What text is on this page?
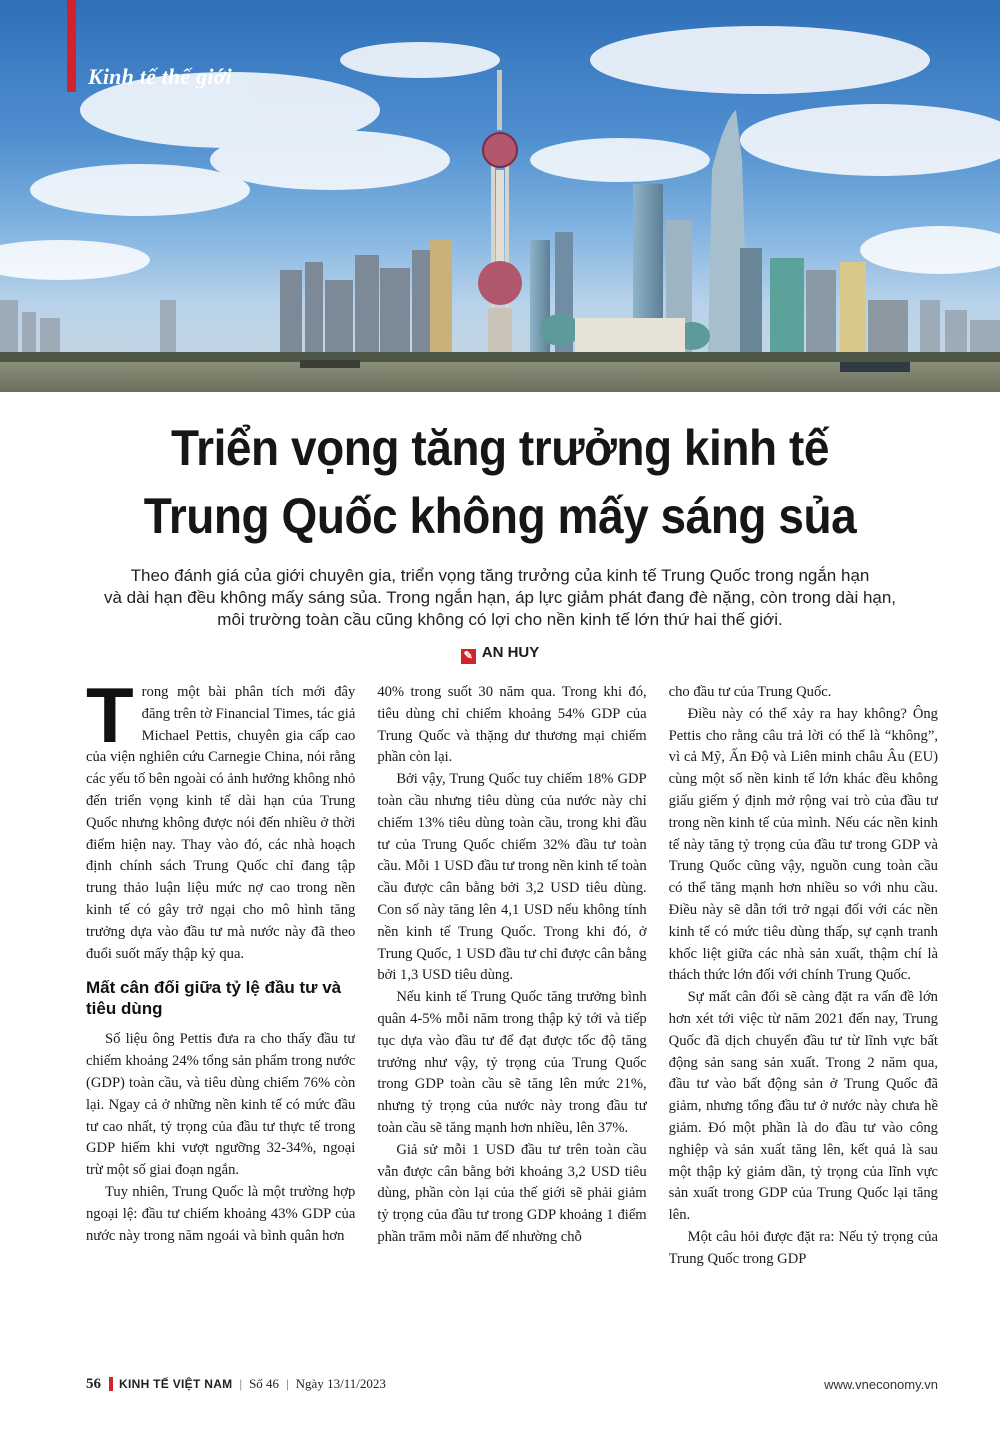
Kinh tế thế giới
Triển vọng tăng trưởng kinh tế
Trung Quốc không mấy sáng sủa
Theo đánh giá của giới chuyên gia, triển vọng tăng trưởng của kinh tế Trung Quốc trong ngắn hạn
và dài hạn đều không mấy sáng sủa. Trong ngắn hạn, áp lực giảm phát đang đè nặng, còn trong dài hạn,
môi trường toàn cầu cũng không có lợi cho nền kinh tế lớn thứ hai thế giới.
✎ AN HUY

Trong một bài phân tích mới đây đăng trên tờ Financial Times, tác giả Michael Pettis, chuyên gia cấp cao của viện nghiên cứu Carnegie China, nói rằng các yếu tố bên ngoài có ảnh hưởng không nhỏ đến triển vọng kinh tế dài hạn của Trung Quốc nhưng không được nói đến nhiều ở thời điểm hiện nay. Thay vào đó, các nhà hoạch định chính sách Trung Quốc chỉ đang tập trung thảo luận liệu mức nợ cao trong nền kinh tế có gây trở ngại cho mô hình tăng trưởng dựa vào đầu tư mà nước này đã theo đuổi suốt mấy thập kỷ qua.

Mất cân đối giữa tỷ lệ đầu tư và tiêu dùng

Số liệu ông Pettis đưa ra cho thấy đầu tư chiếm khoảng 24% tổng sản phẩm trong nước (GDP) toàn cầu, và tiêu dùng chiếm 76% còn lại. Ngay cả ở những nền kinh tế có mức đầu tư cao nhất, tỷ trọng của đầu tư thực tế trong GDP hiếm khi vượt ngưỡng 32-34%, ngoại trừ một số giai đoạn ngắn.

Tuy nhiên, Trung Quốc là một trường hợp ngoại lệ: đầu tư chiếm khoảng 43% GDP của nước này trong năm ngoái và bình quân hơn

40% trong suốt 30 năm qua. Trong khi đó, tiêu dùng chỉ chiếm khoảng 54% GDP của Trung Quốc và thặng dư thương mại chiếm phần còn lại.

Bởi vậy, Trung Quốc tuy chiếm 18% GDP toàn cầu nhưng tiêu dùng của nước này chỉ chiếm 13% tiêu dùng toàn cầu, trong khi đầu tư của Trung Quốc chiếm 32% đầu tư toàn cầu. Mỗi 1 USD đầu tư trong nền kinh tế toàn cầu được cân bằng bởi 3,2 USD tiêu dùng. Con số này tăng lên 4,1 USD nếu không tính nền kinh tế Trung Quốc. Trong khi đó, ở Trung Quốc, 1 USD đầu tư chỉ được cân bằng bởi 1,3 USD tiêu dùng.

Nếu kinh tế Trung Quốc tăng trưởng bình quân 4-5% mỗi năm trong thập kỷ tới và tiếp tục dựa vào đầu tư để đạt được tốc độ tăng trưởng như vậy, tỷ trọng của Trung Quốc trong GDP toàn cầu sẽ tăng lên mức 21%, nhưng tỷ trọng của nước này trong đầu tư toàn cầu sẽ tăng mạnh hơn nhiều, lên 37%.

Giả sử mỗi 1 USD đầu tư trên toàn cầu vẫn được cân bằng bởi khoảng 3,2 USD tiêu dùng, phần còn lại của thế giới sẽ phải giảm tỷ trọng của đầu tư trong GDP khoảng 1 điểm phần trăm mỗi năm để nhường chỗ

cho đầu tư của Trung Quốc.

Điều này có thể xảy ra hay không? Ông Pettis cho rằng câu trả lời có thể là “không”, vì cả Mỹ, Ấn Độ và Liên minh châu Âu (EU) cùng một số nền kinh tế lớn khác đều không giấu giếm ý định mở rộng vai trò của đầu tư trong nền kinh tế của mình. Nếu các nền kinh tế này tăng tỷ trọng của đầu tư trong GDP và Trung Quốc cũng vậy, nguồn cung toàn cầu có thể tăng mạnh hơn nhiều so với nhu cầu. Điều này sẽ dẫn tới trở ngại đối với các nền kinh tế có mức tiêu dùng thấp, sự cạnh tranh khốc liệt giữa các nhà sản xuất, thậm chí là thách thức lớn đối với chính Trung Quốc.

Sự mất cân đối sẽ càng đặt ra vấn đề lớn hơn xét tới việc từ năm 2021 đến nay, Trung Quốc đã dịch chuyển đầu tư từ lĩnh vực bất động sản sang sản xuất. Trong 2 năm qua, đầu tư vào bất động sản ở Trung Quốc đã giảm, nhưng tổng đầu tư ở nước này chưa hề giảm. Đó một phần là do đầu tư vào công nghiệp và sản xuất tăng lên, kết quả là sau một thập kỷ giảm dần, tỷ trọng của lĩnh vực sản xuất trong GDP của Trung Quốc lại tăng lên.

Một câu hỏi được đặt ra: Nếu tỷ trọng của Trung Quốc trong GDP

56 KINH TẾ VIỆT NAM | Số 46 | Ngày 13/11/2023	www.vneconomy.vn
